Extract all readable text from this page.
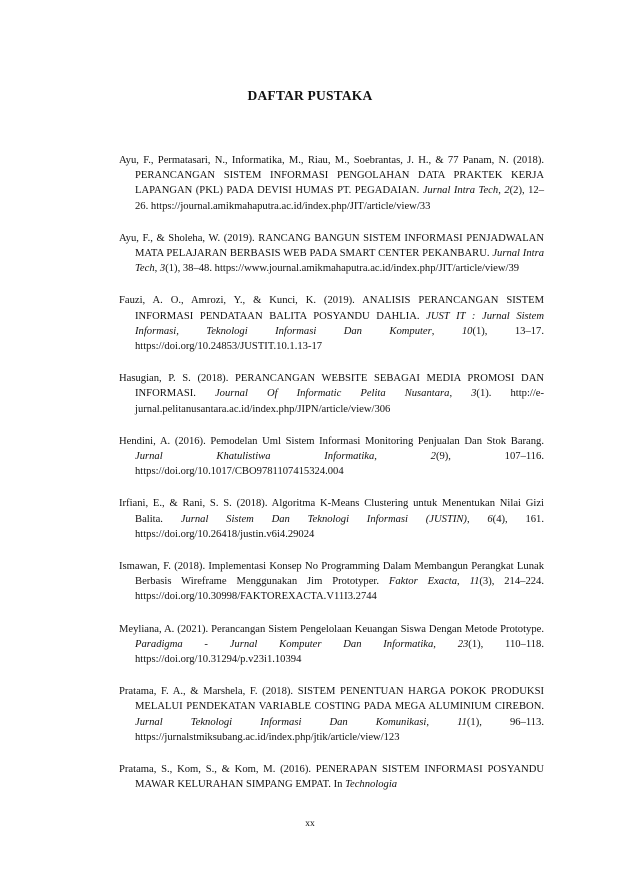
DAFTAR PUSTAKA
Ayu, F., Permatasari, N., Informatika, M., Riau, M., Soebrantas, J. H., & 77 Panam, N. (2018). PERANCANGAN SISTEM INFORMASI PENGOLAHAN DATA PRAKTEK KERJA LAPANGAN (PKL) PADA DEVISI HUMAS PT. PEGADAIAN. Jurnal Intra Tech, 2(2), 12–26. https://journal.amikmahaputra.ac.id/index.php/JIT/article/view/33
Ayu, F., & Sholeha, W. (2019). RANCANG BANGUN SISTEM INFORMASI PENJADWALAN MATA PELAJARAN BERBASIS WEB PADA SMART CENTER PEKANBARU. Jurnal Intra Tech, 3(1), 38–48. https://www.journal.amikmahaputra.ac.id/index.php/JIT/article/view/39
Fauzi, A. O., Amrozi, Y., & Kunci, K. (2019). ANALISIS PERANCANGAN SISTEM INFORMASI PENDATAAN BALITA POSYANDU DAHLIA. JUST IT : Jurnal Sistem Informasi, Teknologi Informasi Dan Komputer, 10(1), 13–17. https://doi.org/10.24853/JUSTIT.10.1.13-17
Hasugian, P. S. (2018). PERANCANGAN WEBSITE SEBAGAI MEDIA PROMOSI DAN INFORMASI. Journal Of Informatic Pelita Nusantara, 3(1). http://e-jurnal.pelitanusantara.ac.id/index.php/JIPN/article/view/306
Hendini, A. (2016). Pemodelan Uml Sistem Informasi Monitoring Penjualan Dan Stok Barang. Jurnal Khatulistiwa Informatika, 2(9), 107–116. https://doi.org/10.1017/CBO9781107415324.004
Irfiani, E., & Rani, S. S. (2018). Algoritma K-Means Clustering untuk Menentukan Nilai Gizi Balita. Jurnal Sistem Dan Teknologi Informasi (JUSTIN), 6(4), 161. https://doi.org/10.26418/justin.v6i4.29024
Ismawan, F. (2018). Implementasi Konsep No Programming Dalam Membangun Perangkat Lunak Berbasis Wireframe Menggunakan Jim Prototyper. Faktor Exacta, 11(3), 214–224. https://doi.org/10.30998/FAKTOREXACTA.V11I3.2744
Meyliana, A. (2021). Perancangan Sistem Pengelolaan Keuangan Siswa Dengan Metode Prototype. Paradigma - Jurnal Komputer Dan Informatika, 23(1), 110–118. https://doi.org/10.31294/p.v23i1.10394
Pratama, F. A., & Marshela, F. (2018). SISTEM PENENTUAN HARGA POKOK PRODUKSI MELALUI PENDEKATAN VARIABLE COSTING PADA MEGA ALUMINIUM CIREBON. Jurnal Teknologi Informasi Dan Komunikasi, 11(1), 96–113. https://jurnalstmiksubang.ac.id/index.php/jtik/article/view/123
Pratama, S., Kom, S., & Kom, M. (2016). PENERAPAN SISTEM INFORMASI POSYANDU MAWAR KELURAHAN SIMPANG EMPAT. In Technologia
xx
